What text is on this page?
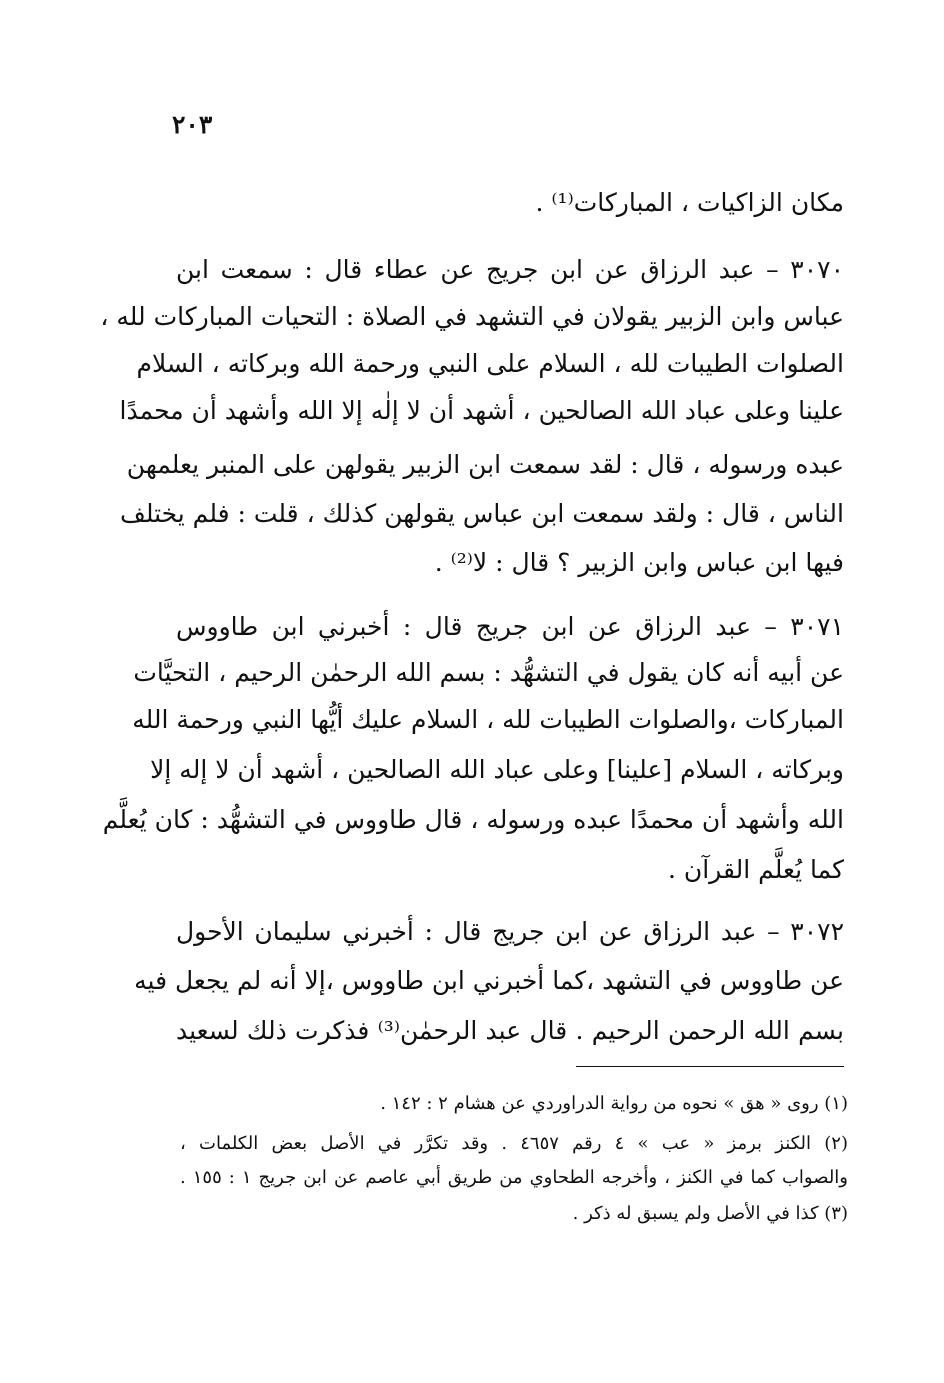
٢٠٣
مكان الزاكيات ، المباركات⁽¹⁾ .
٣٠٧٠ – عبد الرزاق عن ابن جريج عن عطاء قال : سمعت ابن
عباس وابن الزبير يقولان في التشهد في الصلاة : التحيات المباركات لله ،
الصلوات الطيبات لله ، السلام على النبي ورحمة الله وبركاته ، السلام
علينا وعلى عباد الله الصالحين ، أشهد أن لا إلٰه إلا الله وأشهد أن محمدًا
عبده ورسوله ، قال : لقد سمعت ابن الزبير يقولهن على المنبر يعلمهن
الناس ، قال : ولقد سمعت ابن عباس يقولهن كذلك ، قلت : فلم يختلف
فيها ابن عباس وابن الزبير ؟ قال : لا⁽²⁾ .
٣٠٧١ – عبد الرزاق عن ابن جريج قال : أخبرني ابن طاووس
عن أبيه أنه كان يقول في التشهُّد : بسم الله الرحمٰن الرحيم ، التحيَّات
المباركات ،والصلوات الطيبات لله ، السلام عليك أيُّها النبي ورحمة الله
وبركاته ، السلام [علينا] وعلى عباد الله الصالحين ، أشهد أن لا إله إلا
الله وأشهد أن محمدًا عبده ورسوله ، قال طاووس في التشهُّد : كان يُعلَّم
كما يُعلَّم القرآن .
٣٠٧٢ – عبد الرزاق عن ابن جريج قال : أخبرني سليمان الأحول
عن طاووس في التشهد ،كما أخبرني ابن طاووس ،إلا أنه لم يجعل فيه
بسم الله الرحمن الرحيم . قال عبد الرحمٰن⁽³⁾ فذكرت ذلك لسعيد
(١) روى « هق » نحوه من رواية الدراوردي عن هشام ٢ : ١٤٢ .
(٢) الكنز برمز « عب » ٤ رقم ٤٦٥٧ . وقد تكرَّر في الأصل بعض الكلمات ،
والصواب كما في الكنز ، وأخرجه الطحاوي من طريق أبي عاصم عن ابن جريج ١ : ١٥٥ .
(٣) كذا في الأصل ولم يسبق له ذكر .
